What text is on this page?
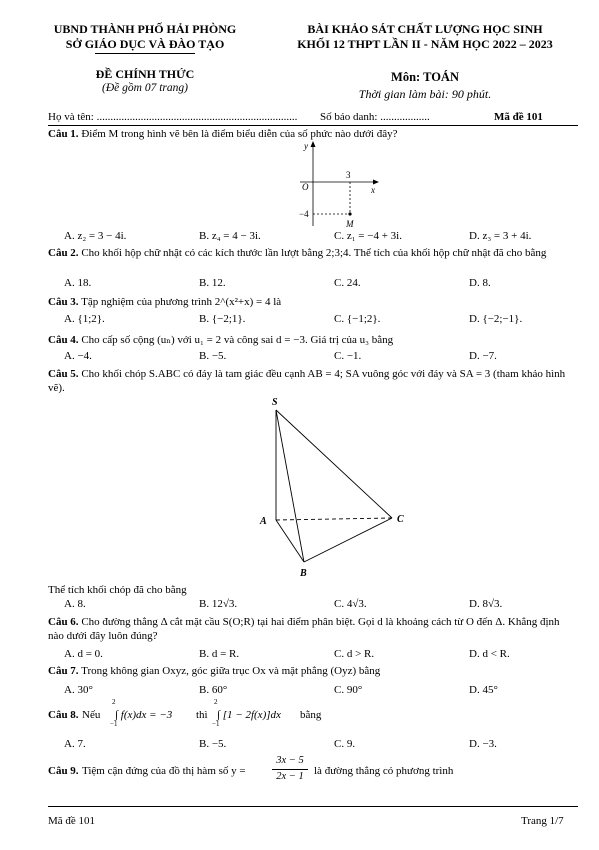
UBND THÀNH PHỐ HẢI PHÒNG
SỞ GIÁO DỤC VÀ ĐÀO TẠO
BÀI KHẢO SÁT CHẤT LƯỢNG HỌC SINH
KHỐI 12 THPT LẦN II - NĂM HỌC 2022 – 2023
ĐỀ CHÍNH THỨC
(Đề gồm 07 trang)
Môn: TOÁN
Thời gian làm bài: 90 phút.
Họ và tên: ......................................................................... Số báo danh: ..................	Mã đề 101
Câu 1. Điểm M trong hình vẽ bên là điểm biểu diễn của số phức nào dưới đây?
y
x
O
3
−4
M
A. z₂ = 3 − 4i.	B. z₄ = 4 − 3i.	C. z₁ = −4 + 3i.	D. z₃ = 3 + 4i.
Câu 2. Cho khối hộp chữ nhật có các kích thước lần lượt bằng 2;3;4. Thể tích của khối hộp chữ nhật đã cho bằng
A. 18.	B. 12.	C. 24.	D. 8.
Câu 3. Tập nghiệm của phương trình 2^(x²+x) = 4 là
A. {1;2}.	B. {−2;1}.	C. {−1;2}.	D. {−2;−1}.
Câu 4. Cho cấp số cộng (uₙ) với u₁ = 2 và công sai d = −3. Giá trị của u₃ bằng
A. −4.	B. −5.	C. −1.	D. −7.
Câu 5. Cho khối chóp S.ABC có đáy là tam giác đều cạnh AB = 4; SA vuông góc với đáy và SA = 3 (tham khảo hình vẽ).
S
A
B
C
Thể tích khối chóp đã cho bằng
A. 8.	B. 12√3.	C. 4√3.	D. 8√3.
Câu 6. Cho đường thẳng Δ cắt mặt cầu S(O;R) tại hai điểm phân biệt. Gọi d là khoảng cách từ O đến Δ. Khẳng định nào dưới đây luôn đúng?
A. d = 0.	B. d = R.	C. d > R.	D. d < R.
Câu 7. Trong không gian Oxyz, góc giữa trục Ox và mặt phẳng (Oyz) bằng
A. 30°	B. 60°	C. 90°	D. 45°
Câu 8. Nếu
2
−1
∫ f(x)dx = −3 thì
2
−1
∫ [1 − 2f(x)]dx bằng
A. 7.	B. −5.	C. 9.	D. −3.
Câu 9. Tiệm cận đứng của đồ thị hàm số y =
3x − 5
2x − 1 là đường thẳng có phương trình
Mã đề 101	Trang 1/7
